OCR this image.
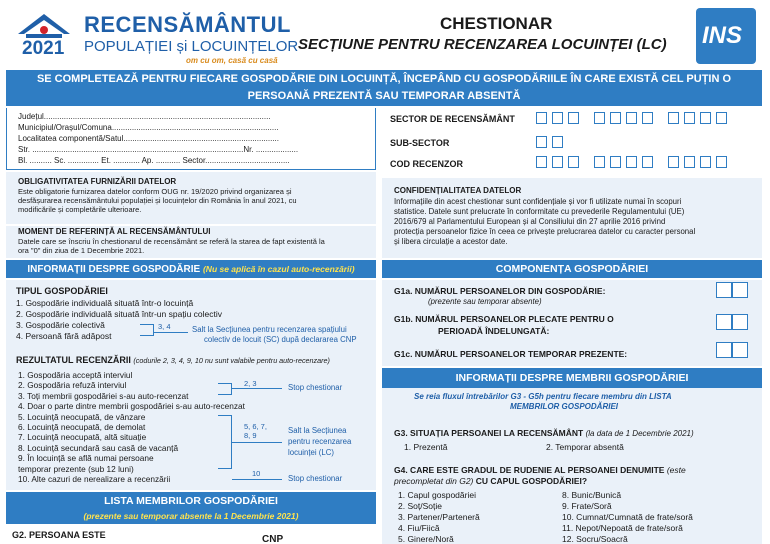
2021
RECENSĂMÂNTUL
POPULAȚIEI și LOCUINȚELOR
om cu om, casă cu casă
CHESTIONAR
SECȚIUNE PENTRU RECENZAREA LOCUINȚEI (LC) INS
SE COMPLETEAZĂ PENTRU FIECARE GOSPODĂRIE DIN LOCUINȚĂ, ÎNCEPÂND CU GOSPODĂRIILE ÎN CARE EXISTĂ CEL PUȚIN O
PERSOANĂ PREZENTĂ SAU TEMPORAR ABSENTĂ
Județul......................................................................................................
Municipiul/Orașul/Comuna...........................................................................
Localitatea componentă/Satul......................................................................
Str. ...............................................................................................Nr. ...................
Bl. .......... Sc. .............. Et. ............ Ap. ........... Sector......................................
SECTOR DE RECENSĂMÂNT
SUB-SECTOR
COD RECENZOR
OBLIGATIVITATEA FURNIZĂRII DATELOR
Este obligatorie furnizarea datelor conform OUG nr. 19/2020 privind organizarea și
desfășurarea recensământului populației și locuințelor din România în anul 2021, cu
modificările și completările ulterioare.
MOMENT DE REFERINȚĂ AL RECENSĂMÂNTULUI
Datele care se înscriu în chestionarul de recensământ se referă la starea de fapt existentă la
ora "0" din ziua de 1 Decembrie 2021.
CONFIDENȚIALITATEA DATELOR
Informațiile din acest chestionar sunt confidențiale și vor fi utilizate numai în scopuri
statistice. Datele sunt prelucrate în conformitate cu prevederile Regulamentului (UE)
2016/679 al Parlamentului European și al Consiliului din 27 aprilie 2016 privind
protecția persoanelor fizice în ceea ce privește prelucrarea datelor cu caracter personal
și libera circulație a acestor date.
INFORMAȚII DESPRE GOSPODĂRIE (Nu se aplică în cazul auto-recenzării)	COMPONENȚA GOSPODĂRIEI
TIPUL GOSPODĂRIEI
1. Gospodărie individuală situată într-o locuință
2. Gospodărie individuală situată într-un spațiu colectiv
3. Gospodărie colectivă
4. Persoană fără adăpost
3, 4	Salt la Secțiunea pentru recenzarea spațiului
colectiv de locuit (SC) după declararea CNP
REZULTATUL RECENZĂRII (codurile 2, 3, 4, 9, 10 nu sunt valabile pentru auto-recenzare)
1. Gospodăria acceptă interviul
2. Gospodăria refuză interviul
3. Toți membrii gospodăriei s-au auto-recenzat
4. Doar o parte dintre membrii gospodăriei s-au auto-recenzat
5. Locuință neocupată, de vânzare
6. Locuință neocupată, de demolat
7. Locuință neocupată, altă situație
8. Locuință secundară sau casă de vacanță
9. În locuință se află numai persoane
temporar prezente (sub 12 luni)
10. Alte cazuri de nerealizare a recenzării
2, 3	Stop chestionar
5, 6, 7,
8, 9
Salt la Secțiunea
pentru recenzarea
locuinței (LC)
10
Stop chestionar
LISTA MEMBRILOR GOSPODĂRIEI
(prezente sau temporar absente la 1 Decembrie 2021)
G2. PERSOANA ESTE	CNP
G1a. NUMĂRUL PERSOANELOR DIN GOSPODĂRIE:
(prezente sau temporar absente)
G1b. NUMĂRUL PERSOANELOR PLECATE PENTRU O
PERIOADĂ ÎNDELUNGATĂ:
G1c. NUMĂRUL PERSOANELOR TEMPORAR PREZENTE:
INFORMAȚII DESPRE MEMBRII GOSPODĂRIEI
Se reia fluxul întrebărilor G3 - G5h pentru fiecare membru din LISTA
MEMBRILOR GOSPODĂRIEI
G3. SITUAȚIA PERSOANEI LA RECENSĂMÂNT (la data de 1 Decembrie 2021)
1. Prezentă	2. Temporar absentă
G4. CARE ESTE GRADUL DE RUDENIE AL PERSOANEI DENUMITE (este
precompletat din G2) CU CAPUL GOSPODĂRIEI?
1. Capul gospodăriei
2. Soț/Soție
3. Partener/Parteneră
4. Fiu/Fiică
5. Ginere/Noră
8. Bunic/Bunică
9. Frate/Soră
10. Cumnat/Cumnată de frate/soră
11. Nepot/Nepoată de frate/soră
12. Socru/Soacră
